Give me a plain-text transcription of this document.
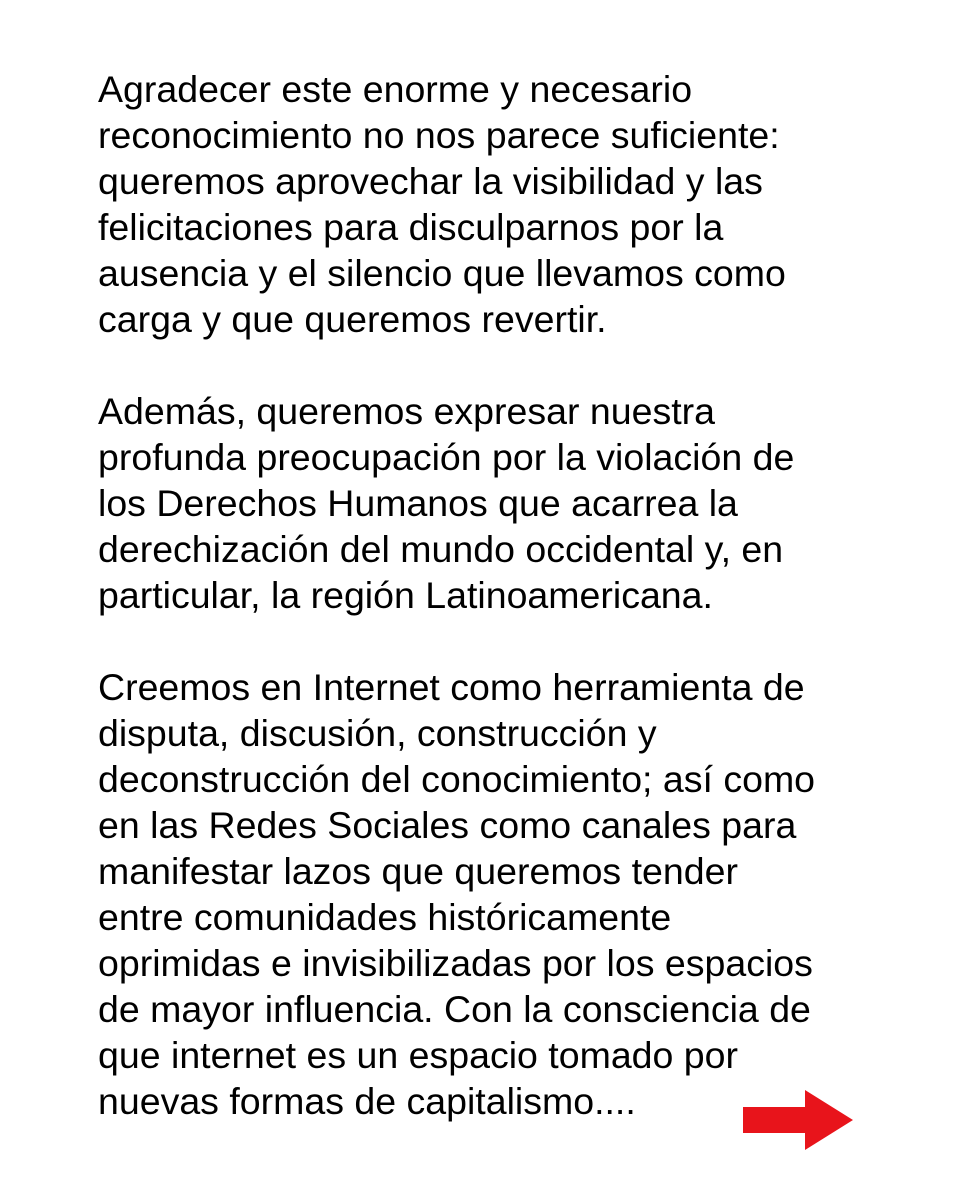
Agradecer este enorme y necesario
reconocimiento no nos parece suficiente:
queremos aprovechar la visibilidad y las
felicitaciones para disculparnos por la
ausencia y el silencio que llevamos como
carga y que queremos revertir.

Además, queremos expresar nuestra
profunda preocupación por la violación de
los Derechos Humanos que acarrea la
derechización del mundo occidental y, en
particular, la región Latinoamericana.

Creemos en Internet como herramienta de
disputa, discusión, construcción y
deconstrucción del conocimiento; así como
en las Redes Sociales como canales para
manifestar lazos que queremos tender
entre comunidades históricamente
oprimidas e invisibilizadas por los espacios
de mayor influencia. Con la consciencia de
que internet es un espacio tomado por
nuevas formas de capitalismo....
